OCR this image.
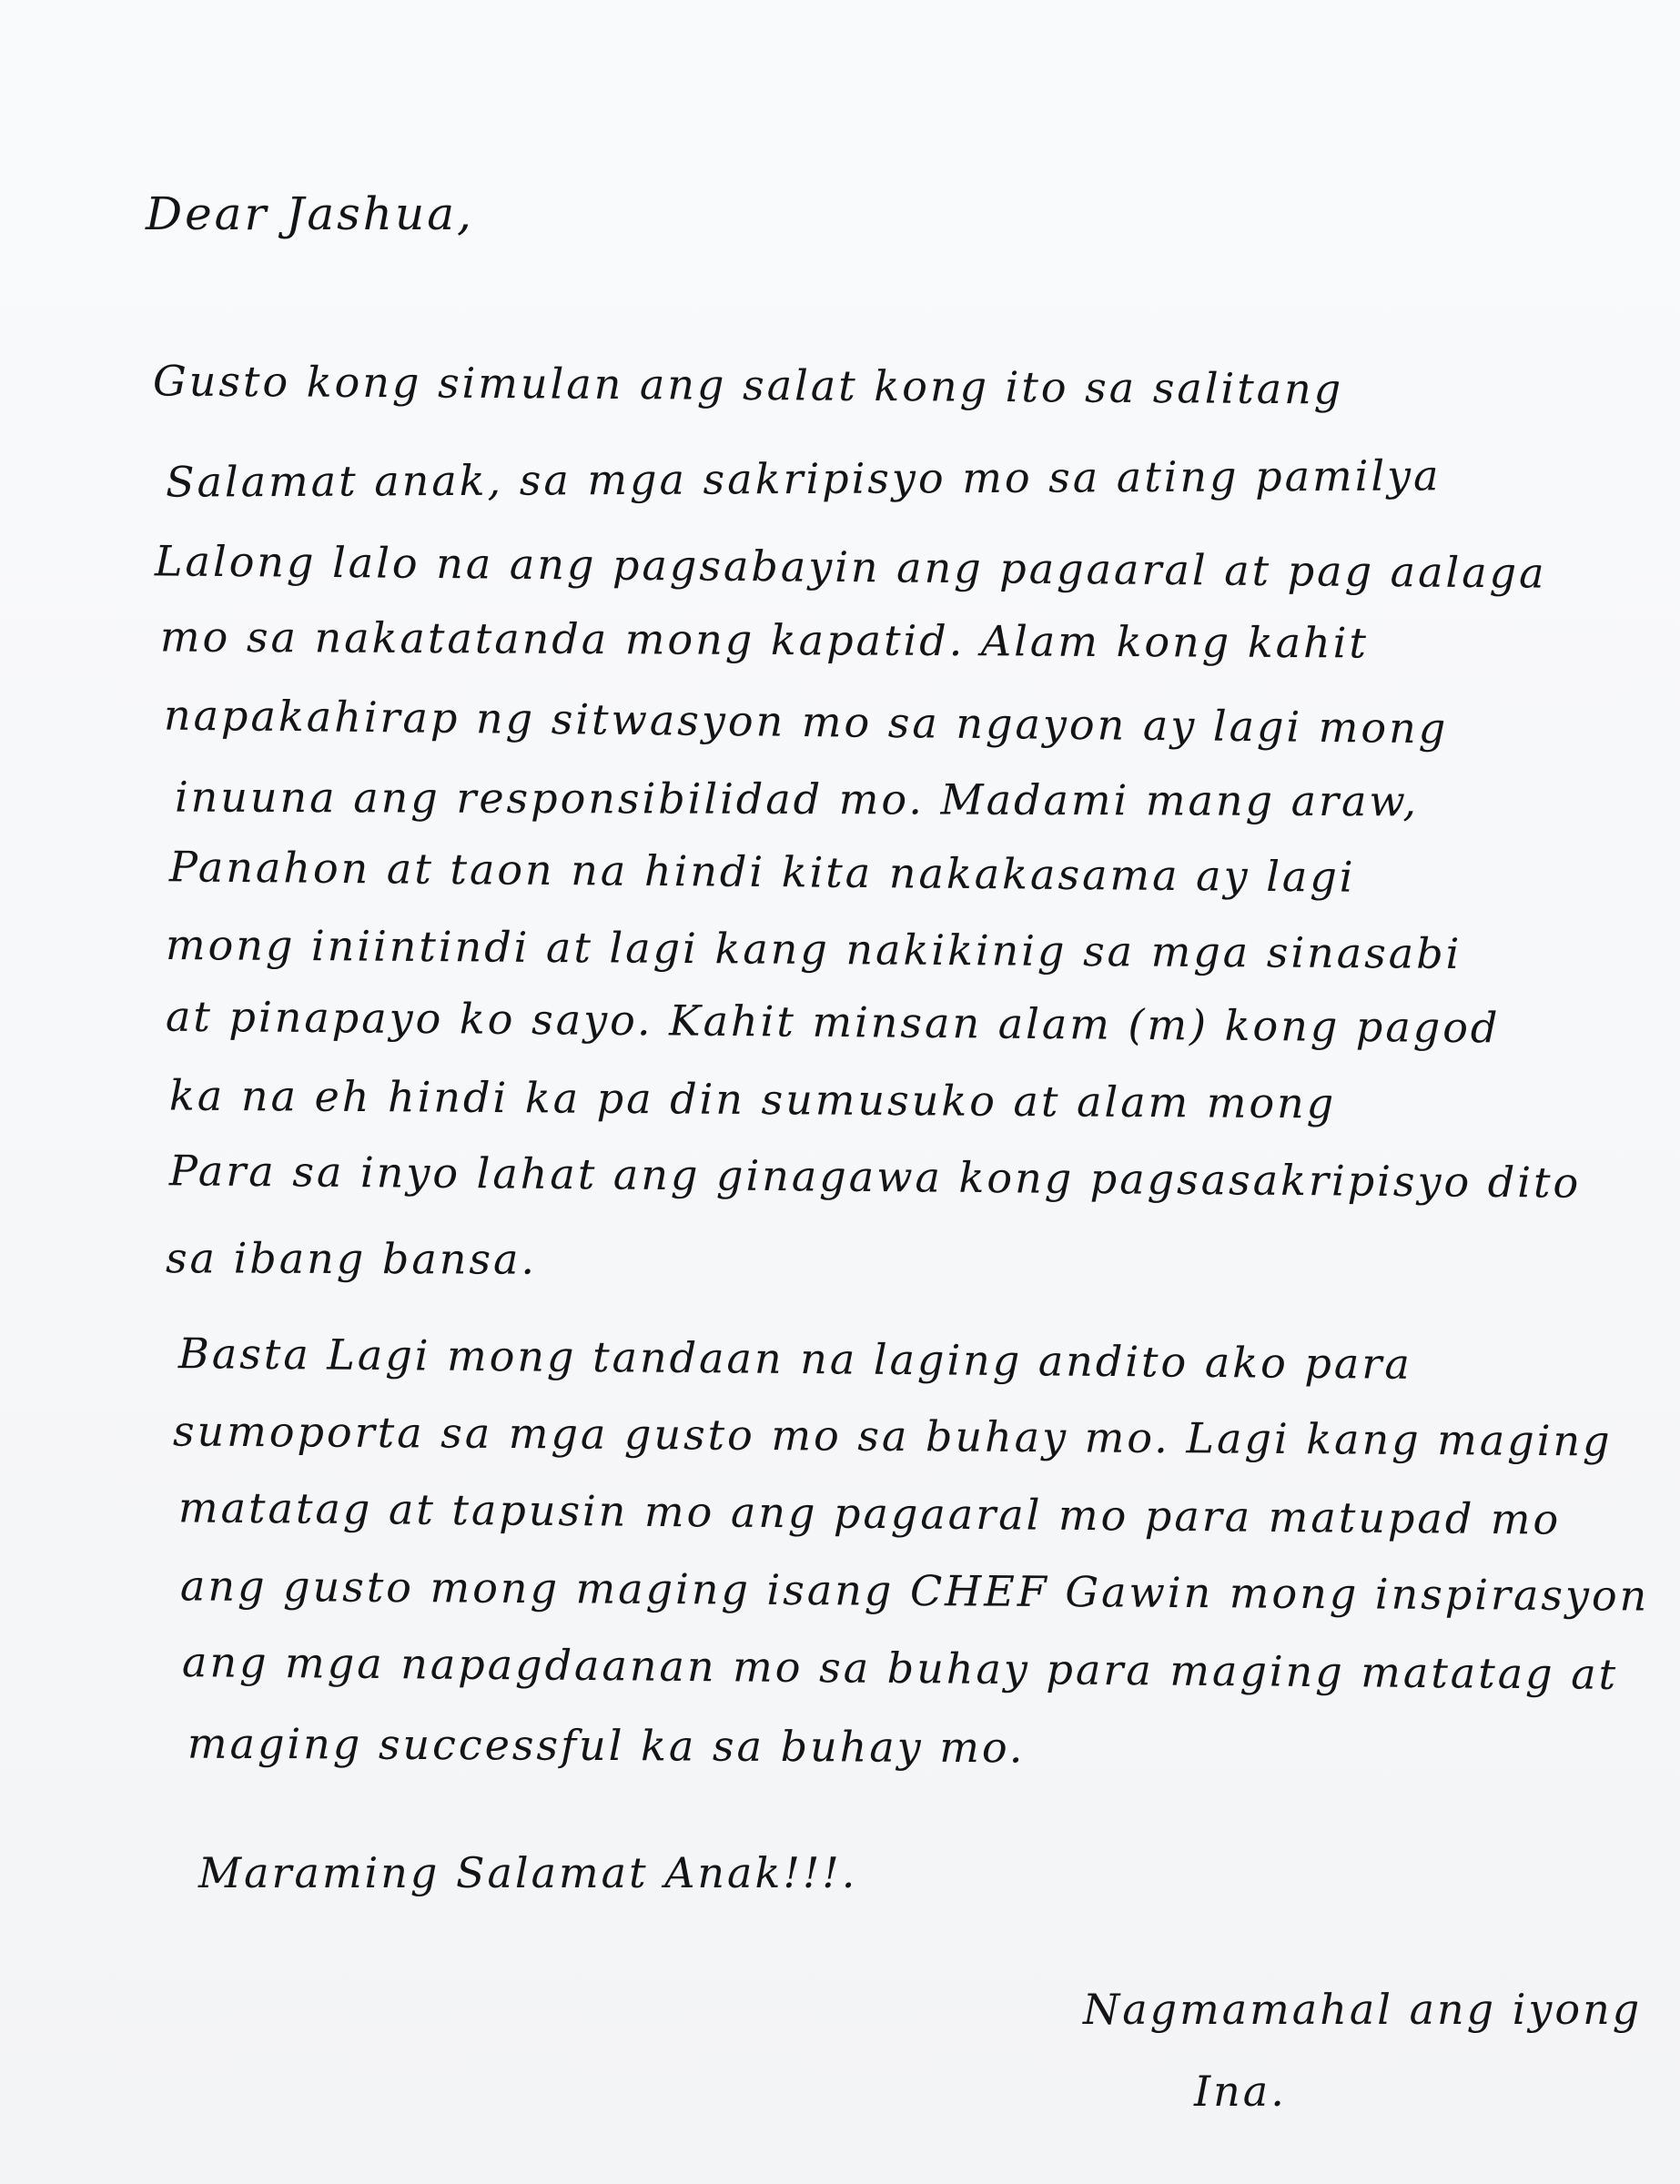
Dear Jashua,
Gusto kong simulan ang salat kong ito sa salitang
Salamat anak, sa mga sakripisyo mo sa ating pamilya
Lalong lalo na ang pagsabayin ang pagaaral at pag aalaga
mo sa nakatatanda mong kapatid. Alam kong kahit
napakahirap ng sitwasyon mo sa ngayon ay lagi mong
inuuna ang responsibilidad mo. Madami mang araw,
Panahon at taon na hindi kita nakakasama ay lagi
mong iniintindi at lagi kang nakikinig sa mga sinasabi
at pinapayo ko sayo. Kahit minsan alam (m) kong pagod
ka na eh hindi ka pa din sumusuko at alam mong
Para sa inyo lahat ang ginagawa kong pagsasakripisyo dito
sa ibang bansa.
Basta Lagi mong tandaan na laging andito ako para
sumoporta sa mga gusto mo sa buhay mo. Lagi kang maging
matatag at tapusin mo ang pagaaral mo para matupad mo
ang gusto mong maging isang CHEF Gawin mong inspirasyon
ang mga napagdaanan mo sa buhay para maging matatag at
maging successful ka sa buhay mo.
Maraming Salamat Anak!!!.
Nagmamahal ang iyong
Ina.
